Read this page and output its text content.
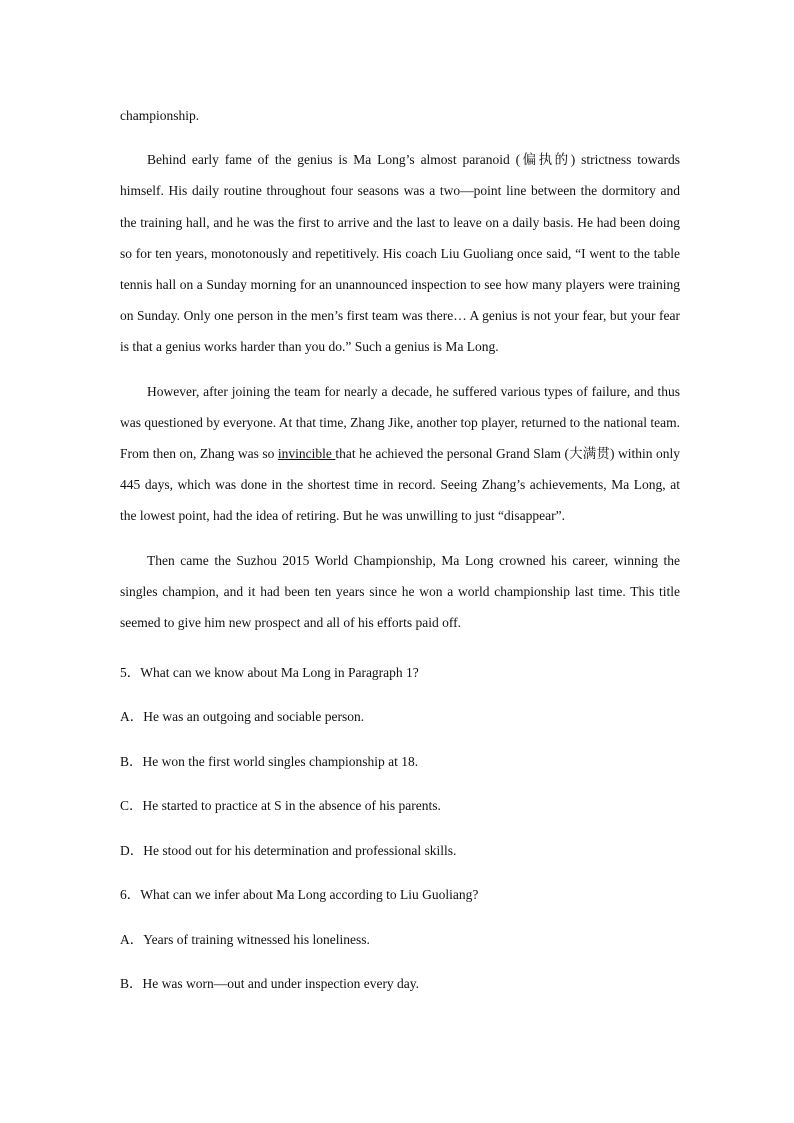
championship.

Behind early fame of the genius is Ma Long’s almost paranoid (偏执的) strictness towards himself. His daily routine throughout four seasons was a two—point line between the dormitory and the training hall, and he was the first to arrive and the last to leave on a daily basis. He had been doing so for ten years, monotonously and repetitively. His coach Liu Guoliang once said, “I went to the table tennis hall on a Sunday morning for an unannounced inspection to see how many players were training on Sunday. Only one person in the men’s first team was there… A genius is not your fear, but your fear is that a genius works harder than you do.” Such a genius is Ma Long.

However, after joining the team for nearly a decade, he suffered various types of failure, and thus was questioned by everyone. At that time, Zhang Jike, another top player, returned to the national team. From then on, Zhang was so invincible that he achieved the personal Grand Slam (大满贯) within only 445 days, which was done in the shortest time in record. Seeing Zhang’s achievements, Ma Long, at the lowest point, had the idea of retiring. But he was unwilling to just “disappear”.

Then came the Suzhou 2015 World Championship, Ma Long crowned his career, winning the singles champion, and it had been ten years since he won a world championship last time. This title seemed to give him new prospect and all of his efforts paid off.

5．What can we know about Ma Long in Paragraph 1?

A．He was an outgoing and sociable person.

B．He won the first world singles championship at 18.

C．He started to practice at S in the absence of his parents.

D．He stood out for his determination and professional skills.

6．What can we infer about Ma Long according to Liu Guoliang?

A．Years of training witnessed his loneliness.

B．He was worn—out and under inspection every day.
